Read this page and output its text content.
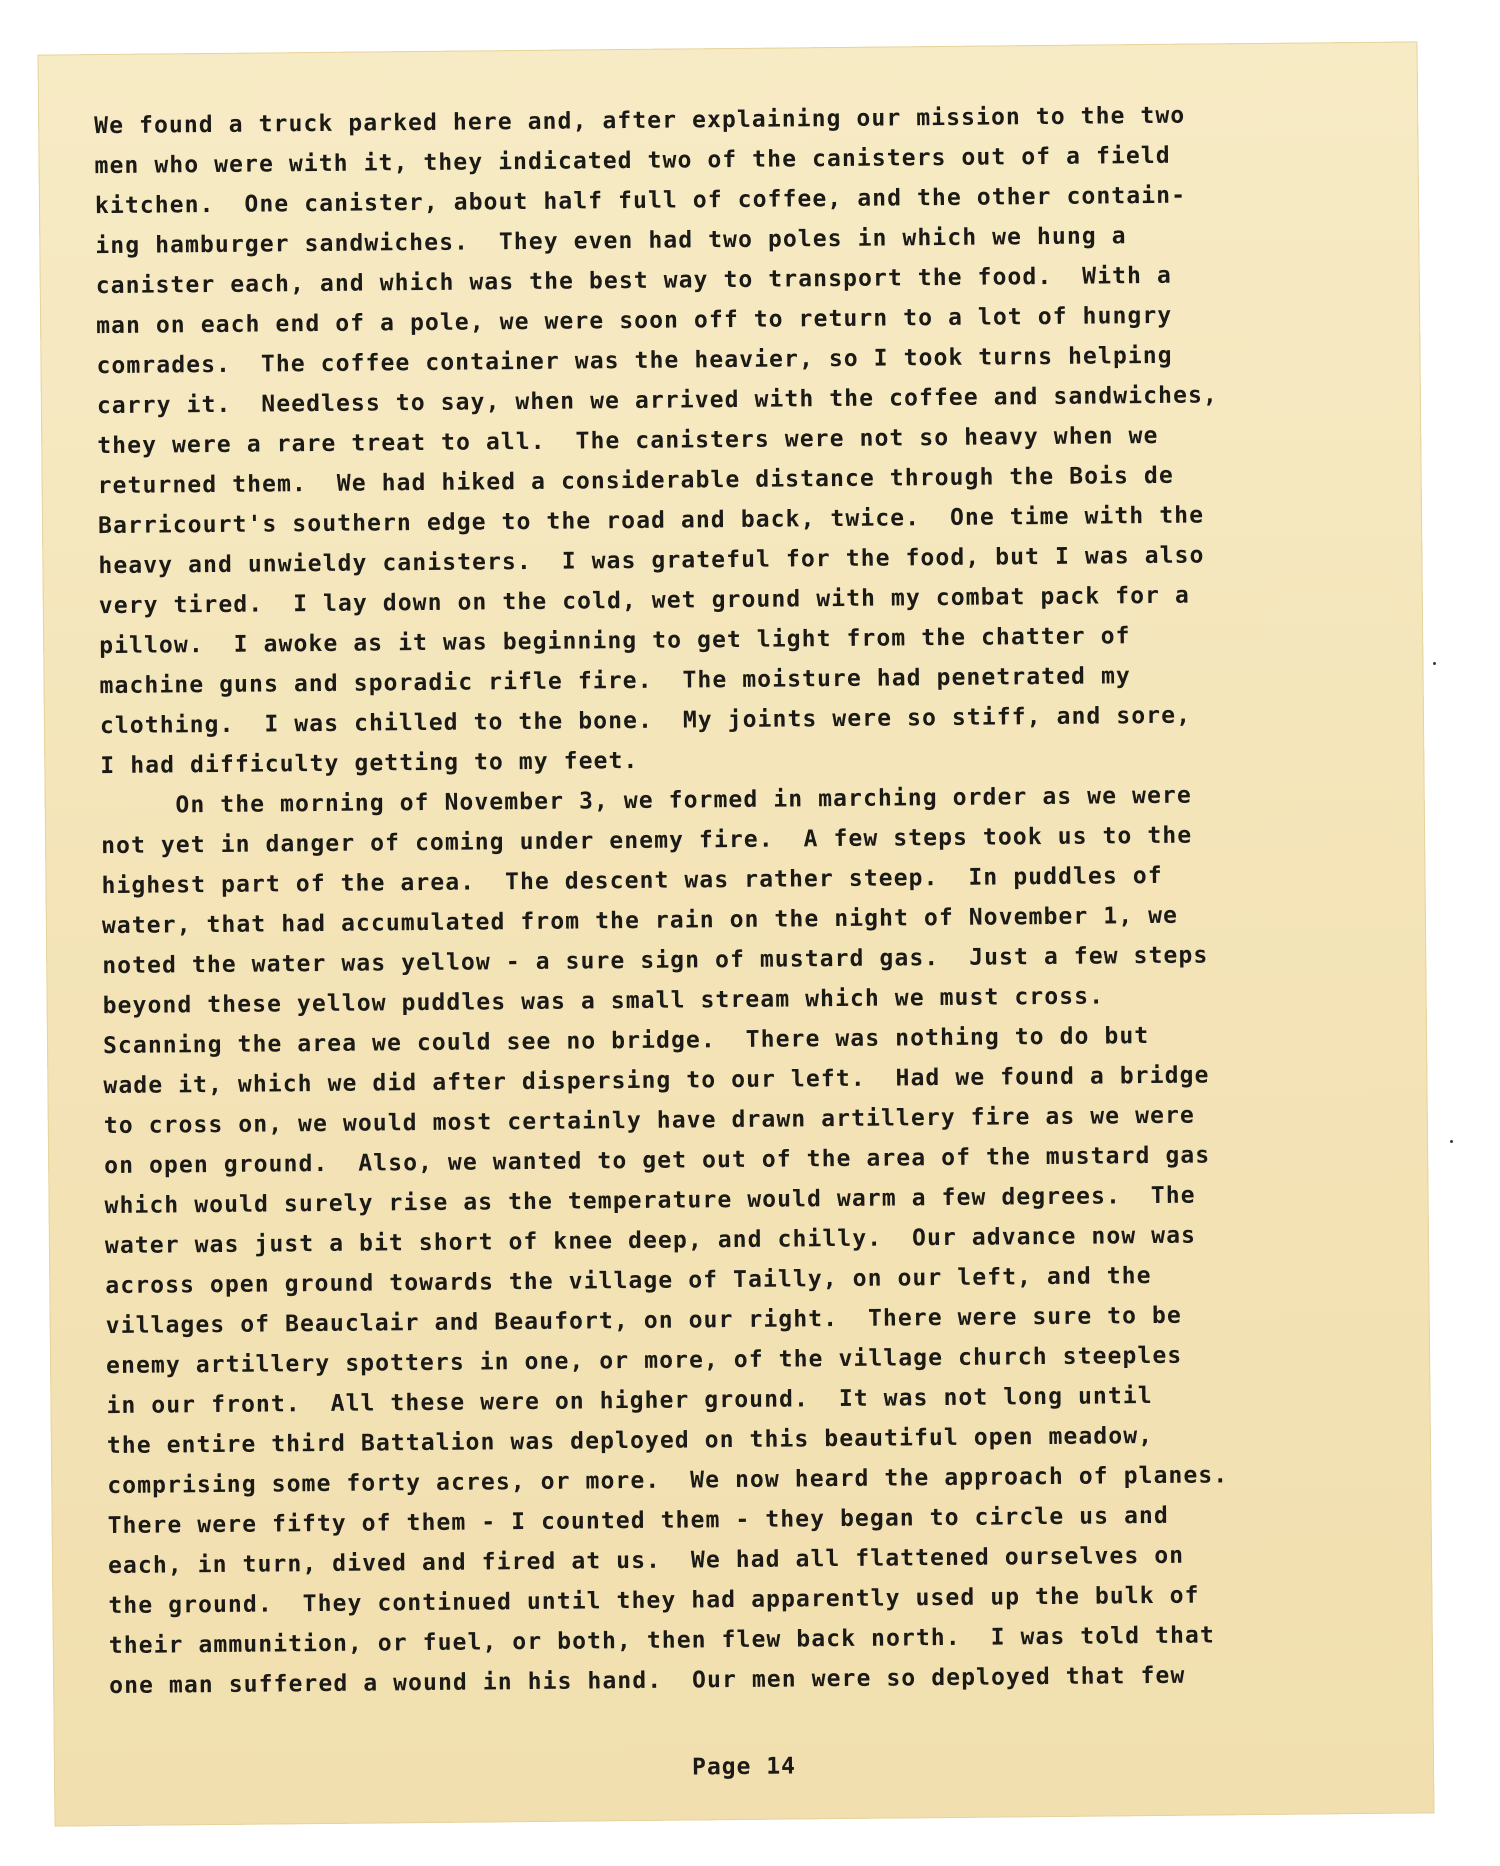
We found a truck parked here and, after explaining our mission to the two
men who were with it, they indicated two of the canisters out of a field
kitchen.  One canister, about half full of coffee, and the other contain-
ing hamburger sandwiches.  They even had two poles in which we hung a
canister each, and which was the best way to transport the food.  With a
man on each end of a pole, we were soon off to return to a lot of hungry
comrades.  The coffee container was the heavier, so I took turns helping
carry it.  Needless to say, when we arrived with the coffee and sandwiches,
they were a rare treat to all.  The canisters were not so heavy when we
returned them.  We had hiked a considerable distance through the Bois de
Barricourt's southern edge to the road and back, twice.  One time with the
heavy and unwieldy canisters.  I was grateful for the food, but I was also
very tired.  I lay down on the cold, wet ground with my combat pack for a
pillow.  I awoke as it was beginning to get light from the chatter of
machine guns and sporadic rifle fire.  The moisture had penetrated my
clothing.  I was chilled to the bone.  My joints were so stiff, and sore,
I had difficulty getting to my feet.
On the morning of November 3, we formed in marching order as we were
not yet in danger of coming under enemy fire.  A few steps took us to the
highest part of the area.  The descent was rather steep.  In puddles of
water, that had accumulated from the rain on the night of November 1, we
noted the water was yellow - a sure sign of mustard gas.  Just a few steps
beyond these yellow puddles was a small stream which we must cross.
Scanning the area we could see no bridge.  There was nothing to do but
wade it, which we did after dispersing to our left.  Had we found a bridge
to cross on, we would most certainly have drawn artillery fire as we were
on open ground.  Also, we wanted to get out of the area of the mustard gas
which would surely rise as the temperature would warm a few degrees.  The
water was just a bit short of knee deep, and chilly.  Our advance now was
across open ground towards the village of Tailly, on our left, and the
villages of Beauclair and Beaufort, on our right.  There were sure to be
enemy artillery spotters in one, or more, of the village church steeples
in our front.  All these were on higher ground.  It was not long until
the entire third Battalion was deployed on this beautiful open meadow,
comprising some forty acres, or more.  We now heard the approach of planes.
There were fifty of them - I counted them - they began to circle us and
each, in turn, dived and fired at us.  We had all flattened ourselves on
the ground.  They continued until they had apparently used up the bulk of
their ammunition, or fuel, or both, then flew back north.  I was told that
one man suffered a wound in his hand.  Our men were so deployed that few
Page 14
